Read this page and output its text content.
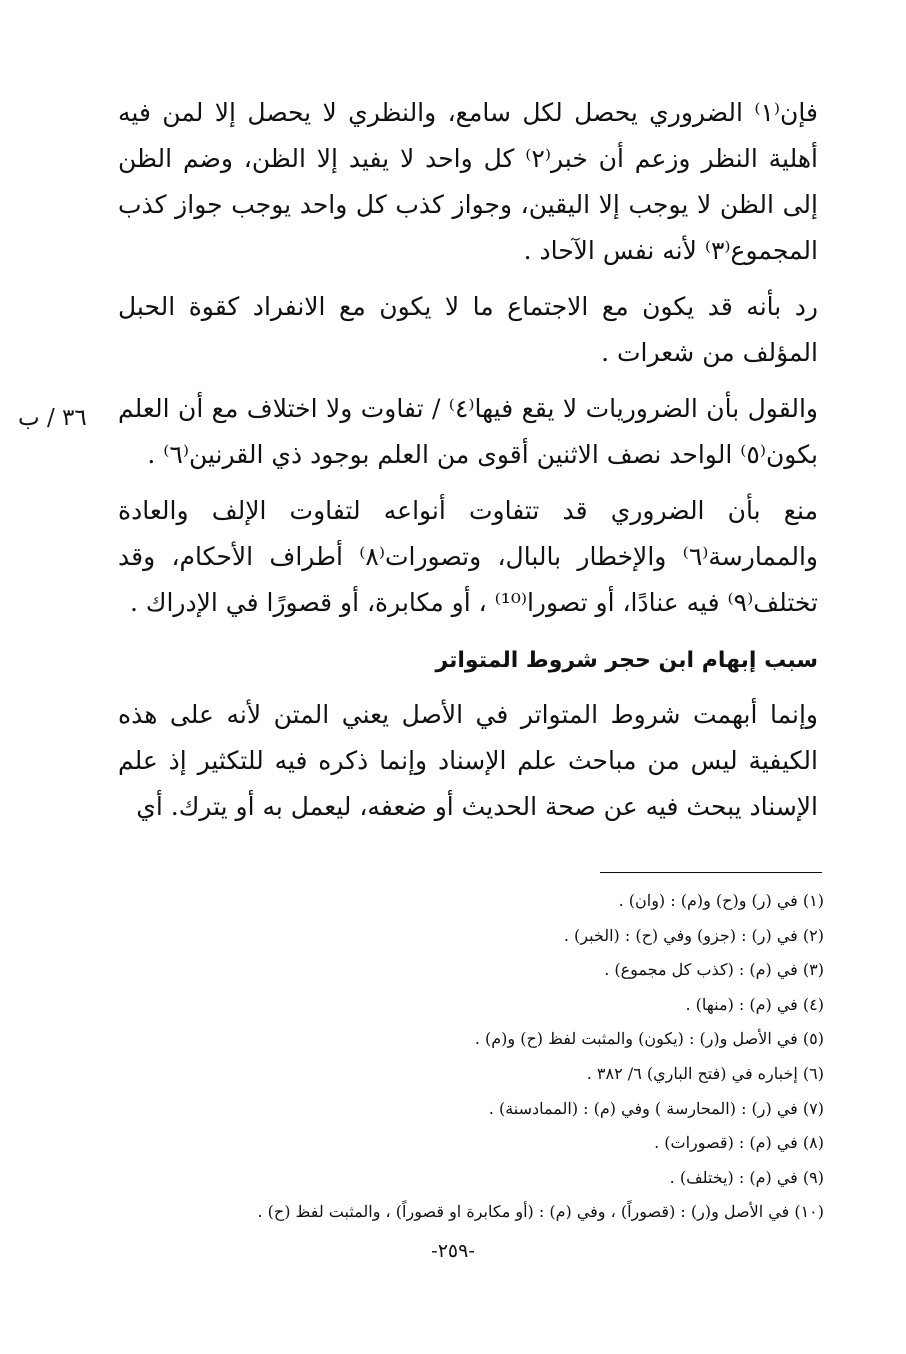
فإن⁽١⁾ الضروري يحصل لكل سامع، والنظري لا يحصل إلا لمن فيه أهلية النظر وزعم أن خبر⁽٢⁾ كل واحد لا يفيد إلا الظن، وضم الظن إلى الظن لا يوجب إلا اليقين، وجواز كذب كل واحد يوجب جواز كذب المجموع⁽٣⁾ لأنه نفس الآحاد .

رد بأنه قد يكون مع الاجتماع ما لا يكون مع الانفراد كقوة الحبل المؤلف من شعرات .

والقول بأن الضروريات لا يقع فيها⁽٤⁾ / تفاوت ولا اختلاف مع أن العلم بكون⁽٥⁾ الواحد نصف الاثنين أقوى من العلم بوجود ذي القرنين⁽٦⁾ .

منع بأن الضروري قد تتفاوت أنواعه لتفاوت الإلف والعادة والممارسة⁽٦⁾ والإخطار بالبال، وتصورات⁽٨⁾ أطراف الأحكام، وقد تختلف⁽٩⁾ فيه عنادًا، أو تصورا⁽¹⁰⁾ ، أو مكابرة، أو قصورًا في الإدراك .

سبب إبهام ابن حجر شروط المتواتر

وإنما أبهمت شروط المتواتر في الأصل يعني المتن لأنه على هذه الكيفية ليس من مباحث علم الإسناد وإنما ذكره فيه للتكثير إذ علم الإسناد يبحث فيه عن صحة الحديث أو ضعفه، ليعمل به أو يترك. أي

٣٦ / ب

(١) في (ر) و(ح) و(م) : (وان) .

(٢) في (ر) : (جزو) وفي (ح) : (الخبر) .

(٣) في (م) : (كذب كل مجموع) .

(٤) في (م) : (منها) .

(٥) في الأصل و(ر) : (يكون) والمثبت لفظ (ح) و(م) .

(٦) إخباره في (فتح الباري) ٦/ ٣٨٢ .

(٧) في (ر) : (المحارسة ) وفي (م) : (المماد‌سنة) .

(٨) في (م) : (قصورات) .

(٩) في (م) : (يختلف) .

(١٠) في الأصل و(ر) : (قصوراً) ، وفي (م) : (أو مكابرة او قصوراً) ، والمثبت لفظ (ح) .

-٢٥٩-
